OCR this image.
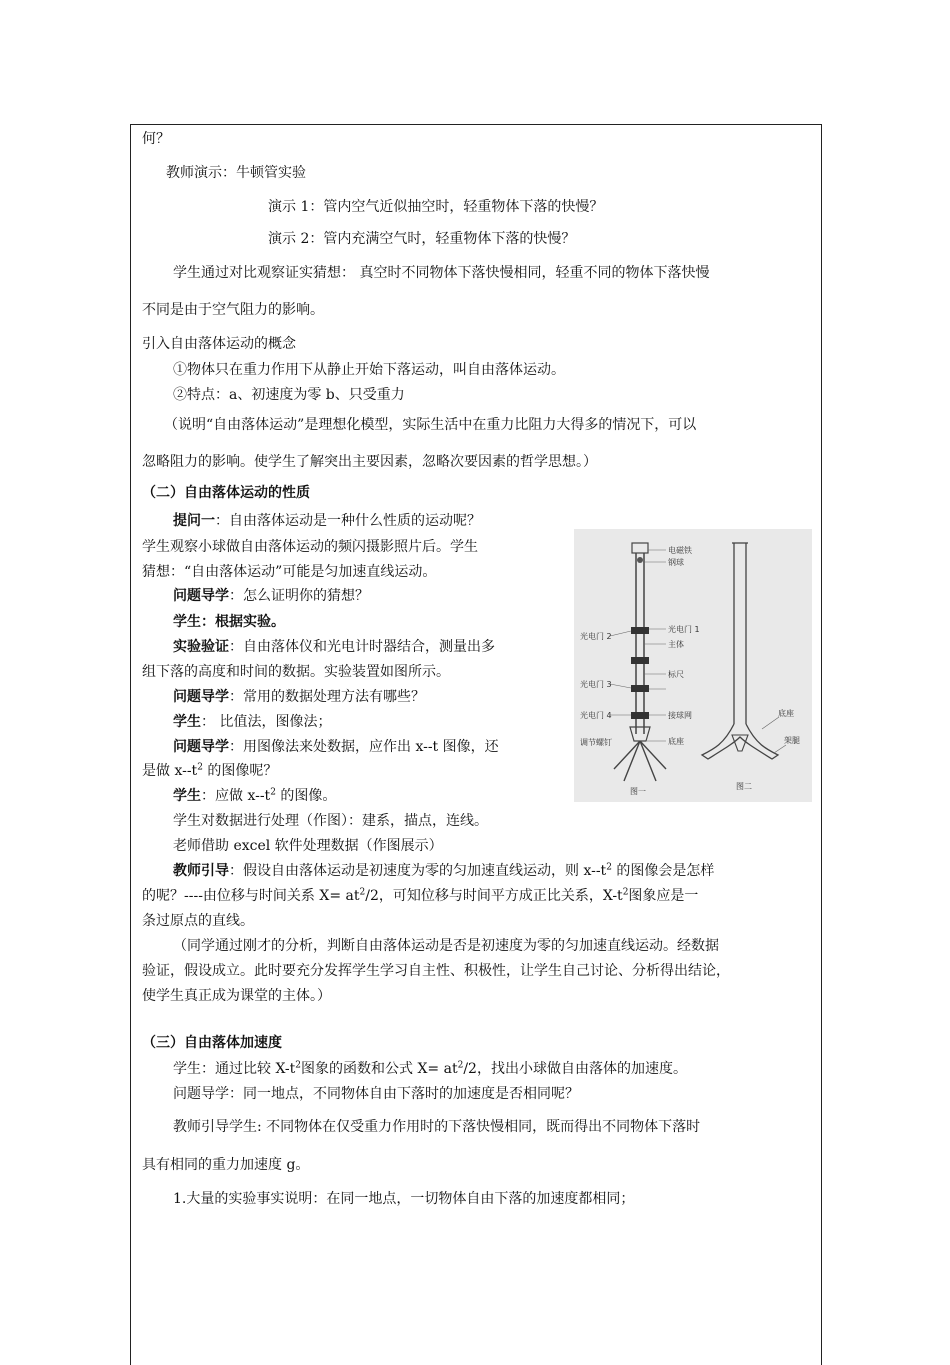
何？
教师演示：牛顿管实验
演示 1：管内空气近似抽空时，轻重物体下落的快慢？
演示 2：管内充满空气时，轻重物体下落的快慢？
学生通过对比观察证实猜想： 真空时不同物体下落快慢相同，轻重不同的物体下落快慢
不同是由于空气阻力的影响。
引入自由落体运动的概念
①物体只在重力作用下从静止开始下落运动，叫自由落体运动。
②特点：a、初速度为零 b、只受重力
（说明“自由落体运动”是理想化模型，实际生活中在重力比阻力大得多的情况下，可以
忽略阻力的影响。使学生了解突出主要因素，忽略次要因素的哲学思想。）
（二）自由落体运动的性质
提问一：自由落体运动是一种什么性质的运动呢？
学生观察小球做自由落体运动的频闪摄影照片后。学生
猜想：“自由落体运动”可能是匀加速直线运动。
问题导学：怎么证明你的猜想？
学生：根据实验。
实验验证：自由落体仪和光电计时器结合，测量出多
组下落的高度和时间的数据。实验装置如图所示。
问题导学：常用的数据处理方法有哪些？
学生： 比值法，图像法；
问题导学：用图像法来处数据，应作出 x--t 图像，还
是做 $x--t^2$ 的图像呢？
学生：应做 $x--t^2$ 的图像。
学生对数据进行处理（作图）：建系，描点，连线。
老师借助 excel 软件处理数据（作图展示）
教师引导：假设自由落体运动是初速度为零的匀加速直线运动，则 $x--t^2$ 的图像会是怎样
的呢？----由位移与时间关系 $X= at^2/2$，可知位移与时间平方成正比关系，$X-t^2$图象应是一
条过原点的直线。
（同学通过刚才的分析，判断自由落体运动是否是初速度为零的匀加速直线运动。经数据
验证，假设成立。此时要充分发挥学生学习自主性、积极性，让学生自己讨论、分析得出结论，
使学生真正成为课堂的主体。）
（三）自由落体加速度
学生：通过比较 $X-t^2$图象的函数和公式 $X= at^2/2$，找出小球做自由落体的加速度。
问题导学：同一地点，不同物体自由下落时的加速度是否相同呢？
教师引导学生: 不同物体在仅受重力作用时的下落快慢相同，既而得出不同物体下落时
具有相同的重力加速度 g。
1.大量的实验事实说明：在同一地点，一切物体自由下落的加速度都相同；
电磁铁
钢球
光电门 1
主体
标尺
接球网
底座
光电门 2
光电门 3
光电门 4
调节螺钉
图一
底座
架腿
图二
